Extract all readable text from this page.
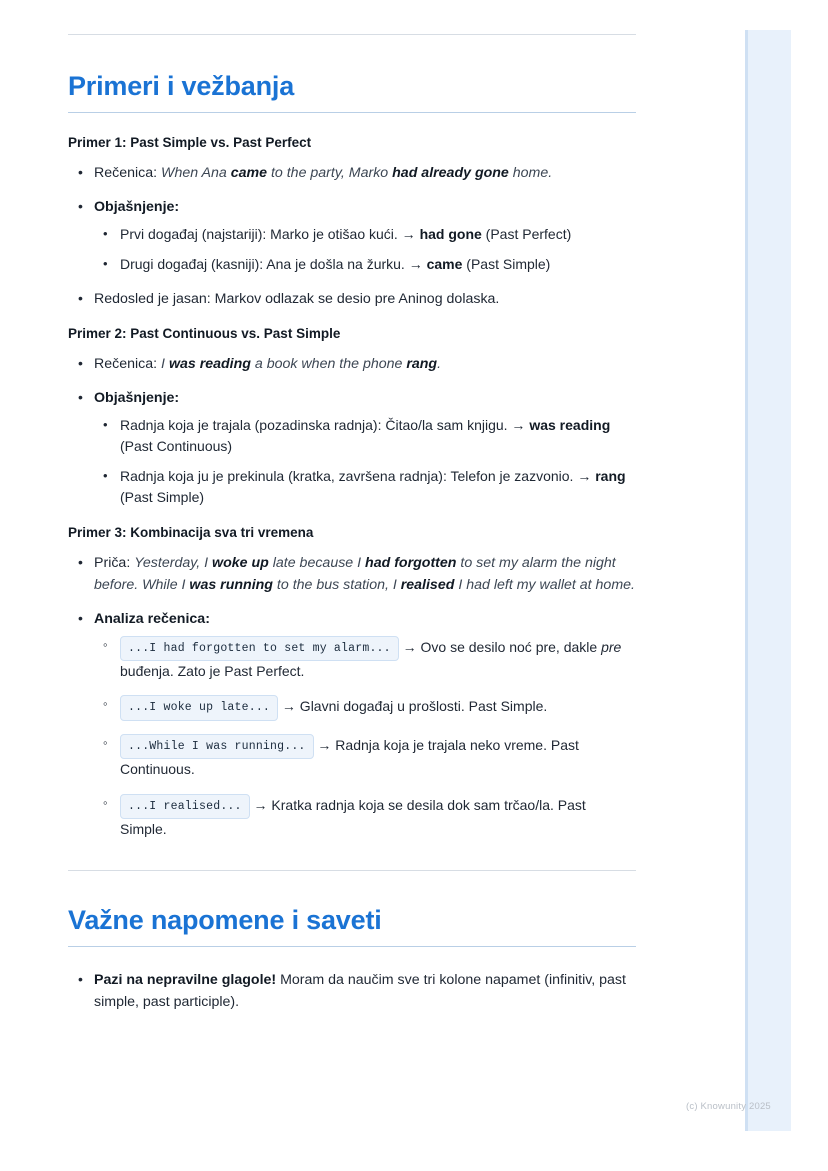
Primeri i vežbanja
Primer 1: Past Simple vs. Past Perfect
• Rečenica: When Ana came to the party, Marko had already gone home.
• Objašnjenje:
• Prvi događaj (najstariji): Marko je otišao kući. → had gone (Past Perfect)
• Drugi događaj (kasniji): Ana je došla na žurku. → came (Past Simple)
• Redosled je jasan: Markov odlazak se desio pre Aninog dolaska.
Primer 2: Past Continuous vs. Past Simple
• Rečenica: I was reading a book when the phone rang.
• Objašnjenje:
• Radnja koja je trajala (pozadinska radnja): Čitao/la sam knjigu. → was reading (Past Continuous)
• Radnja koja ju je prekinula (kratka, završena radnja): Telefon je zazvonio. → rang (Past Simple)
Primer 3: Kombinacija sva tri vremena
• Priča: Yesterday, I woke up late because I had forgotten to set my alarm the night before. While I was running to the bus station, I realised I had left my wallet at home.
• Analiza rečenica:
◦ ...I had forgotten to set my alarm... → Ovo se desilo noć pre, dakle pre buđenja. Zato je Past Perfect.
◦ ...I woke up late... → Glavni događaj u prošlosti. Past Simple.
◦ ...While I was running... → Radnja koja je trajala neko vreme. Past Continuous.
◦ ...I realised... → Kratka radnja koja se desila dok sam trčao/la. Past Simple.
Važne napomene i saveti
• Pazi na nepravilne glagole! Moram da naučim sve tri kolone napamet (infinitiv, past simple, past participle).
(c) Knowunity 2025
